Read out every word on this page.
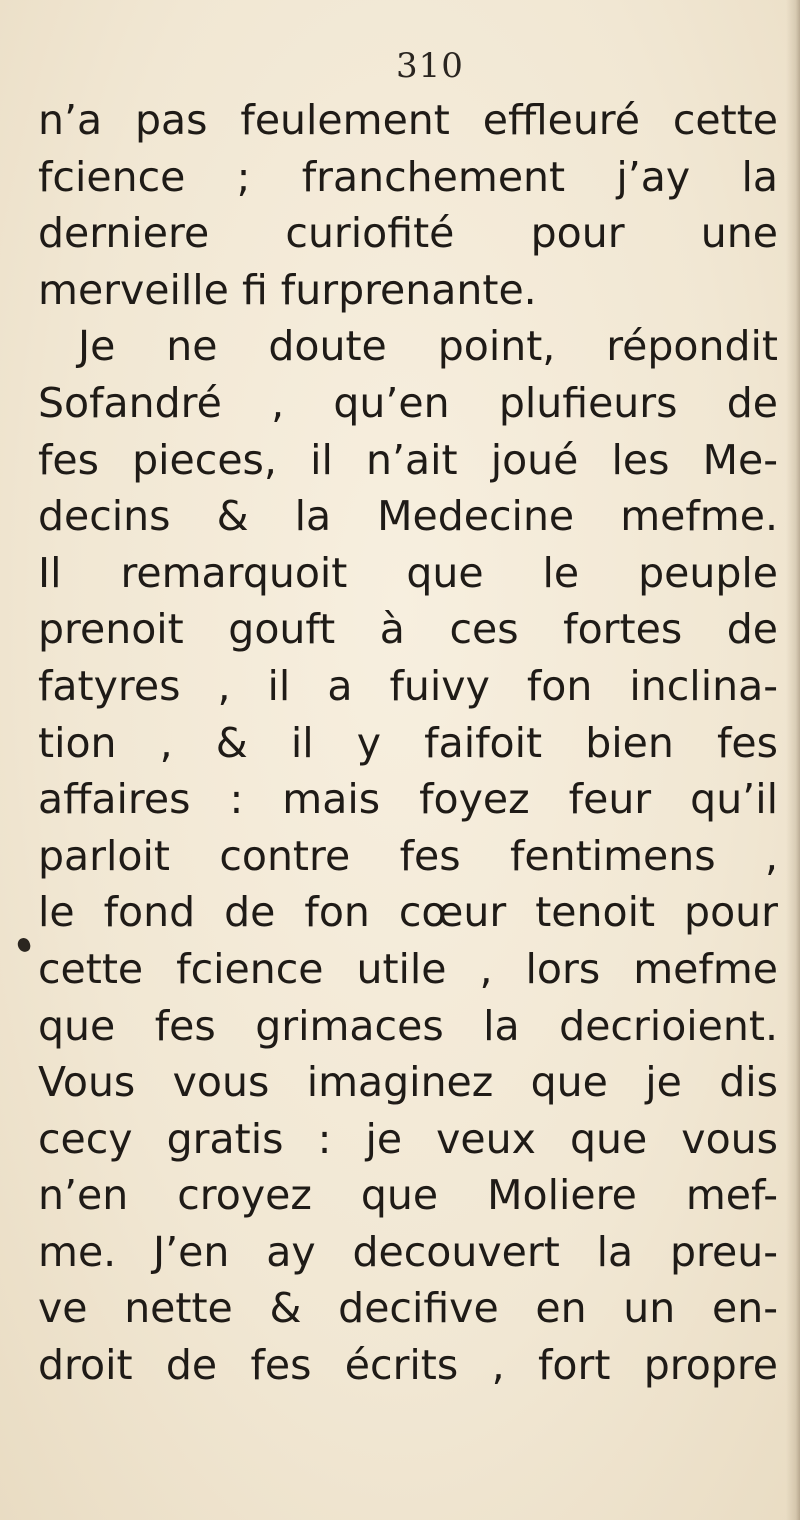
310
n’a pas feulement effleuré cette
fcience ; franchement j’ay la
derniere curiofité pour une
merveille fi furprenante.
Je ne doute point, répondit
Sofandré , qu’en plufieurs de
fes pieces, il n’ait joué les Me-
decins & la Medecine mefme.
Il remarquoit que le peuple
prenoit gouft à ces fortes de
fatyres , il a fuivy fon inclina-
tion , & il y faifoit bien fes
affaires : mais foyez feur qu’il
parloit contre fes fentimens ,
le fond de fon cœur tenoit pour
cette fcience utile , lors mefme
que fes grimaces la decrioient.
Vous vous imaginez que je dis
cecy gratis : je veux que vous
n’en croyez que Moliere mef-
me. J’en ay decouvert la preu-
ve nette & decifive en un en-
droit de fes écrits , fort propre
